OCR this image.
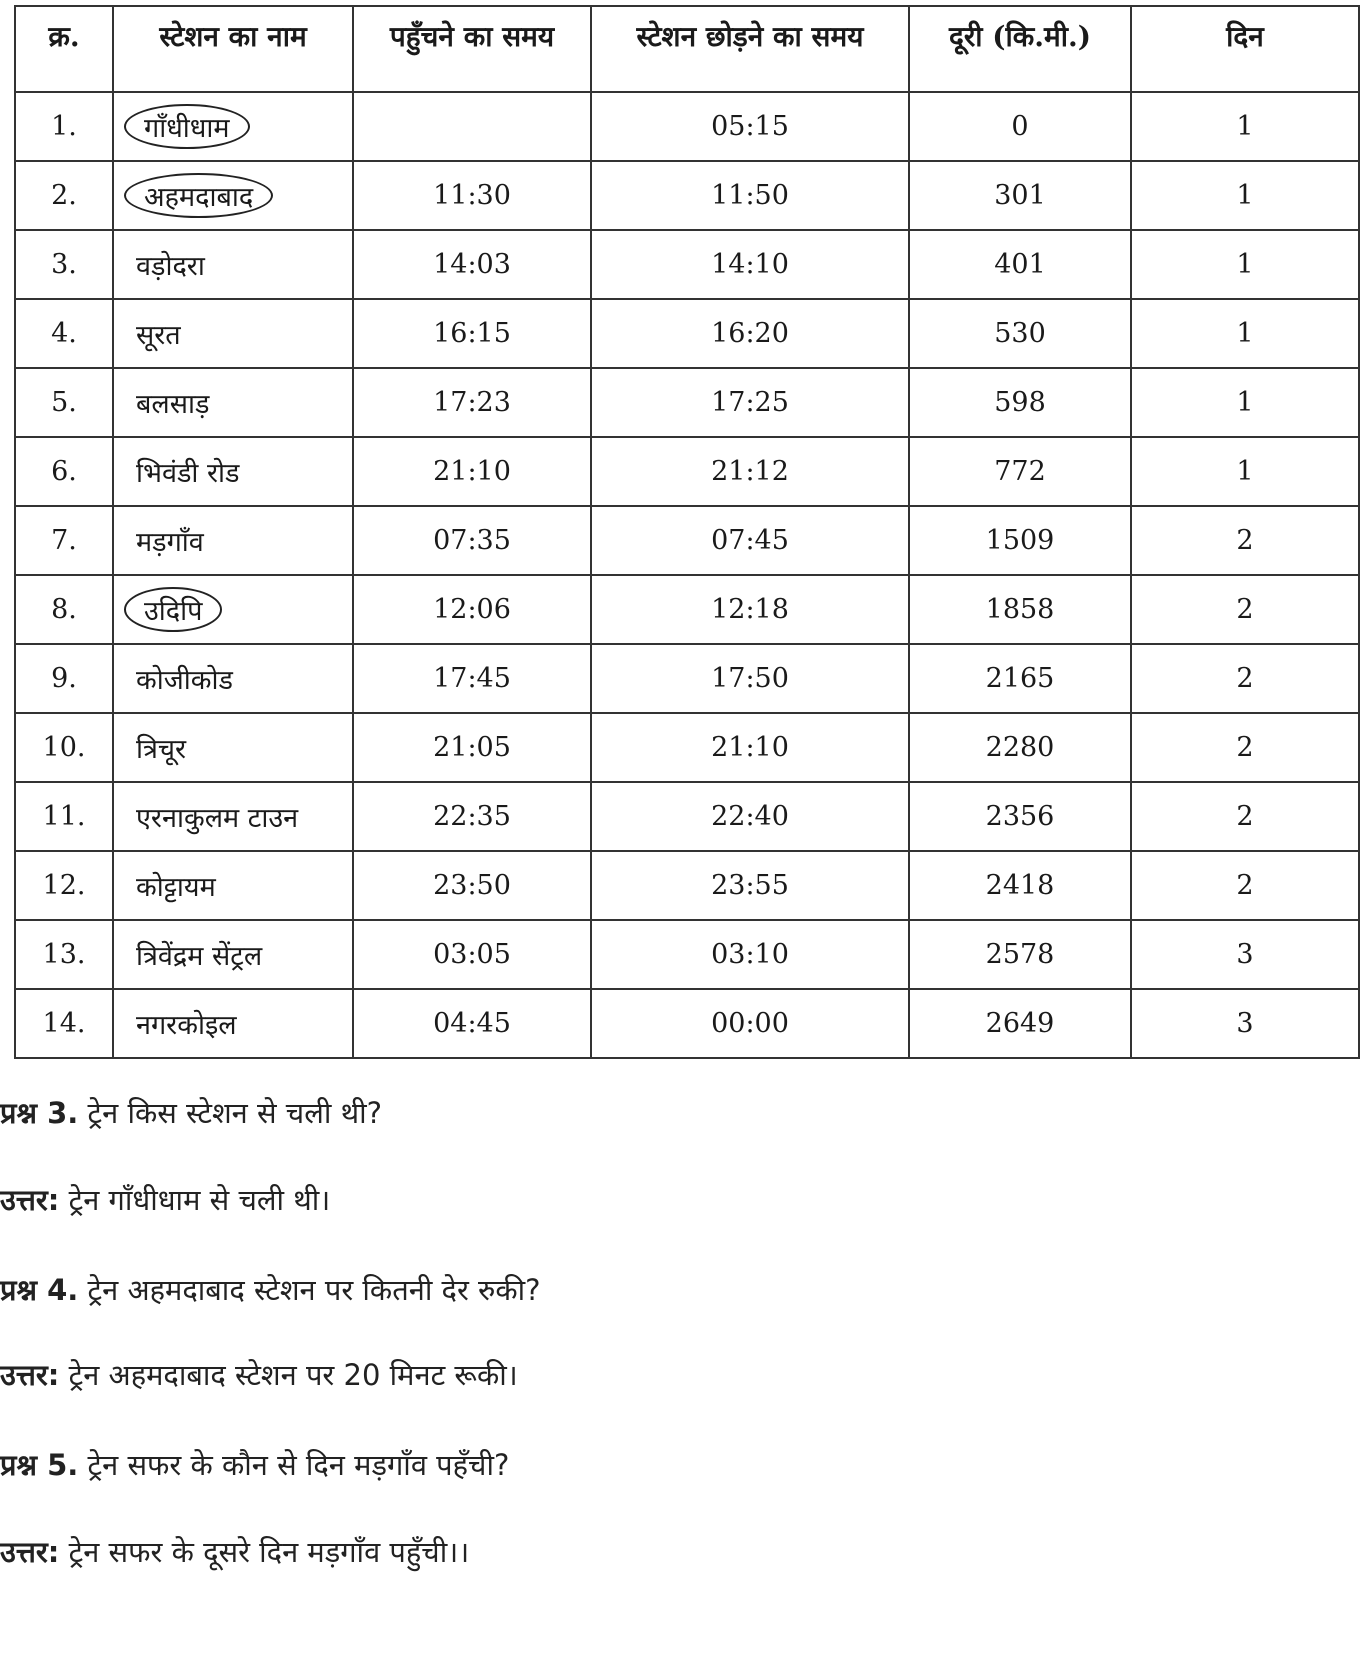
क्र.	स्टेशन का नाम	पहुँचने का समय	स्टेशन छोड़ने का समय	दूरी (कि.मी.)	दिन
1.	गाँधीधाम		05:15	0	1
2.	अहमदाबाद	11:30	11:50	301	1
3.	वड़ोदरा	14:03	14:10	401	1
4.	सूरत	16:15	16:20	530	1
5.	बलसाड़	17:23	17:25	598	1
6.	भिवंडी रोड	21:10	21:12	772	1
7.	मड़गाँव	07:35	07:45	1509	2
8.	उदिपि	12:06	12:18	1858	2
9.	कोजीकोड	17:45	17:50	2165	2
10.	त्रिचूर	21:05	21:10	2280	2
11.	एरनाकुलम टाउन	22:35	22:40	2356	2
12.	कोट्टायम	23:50	23:55	2418	2
13.	त्रिवेंद्रम सेंट्रल	03:05	03:10	2578	3
14.	नगरकोइल	04:45	00:00	2649	3
प्रश्न 3. ट्रेन किस स्टेशन से चली थी?
उत्तर: ट्रेन गाँधीधाम से चली थी।
प्रश्न 4. ट्रेन अहमदाबाद स्टेशन पर कितनी देर रुकी?
उत्तर: ट्रेन अहमदाबाद स्टेशन पर 20 मिनट रूकी।
प्रश्न 5. ट्रेन सफर के कौन से दिन मड़गाँव पहँची?
उत्तर: ट्रेन सफर के दूसरे दिन मड़गाँव पहुँची।।
